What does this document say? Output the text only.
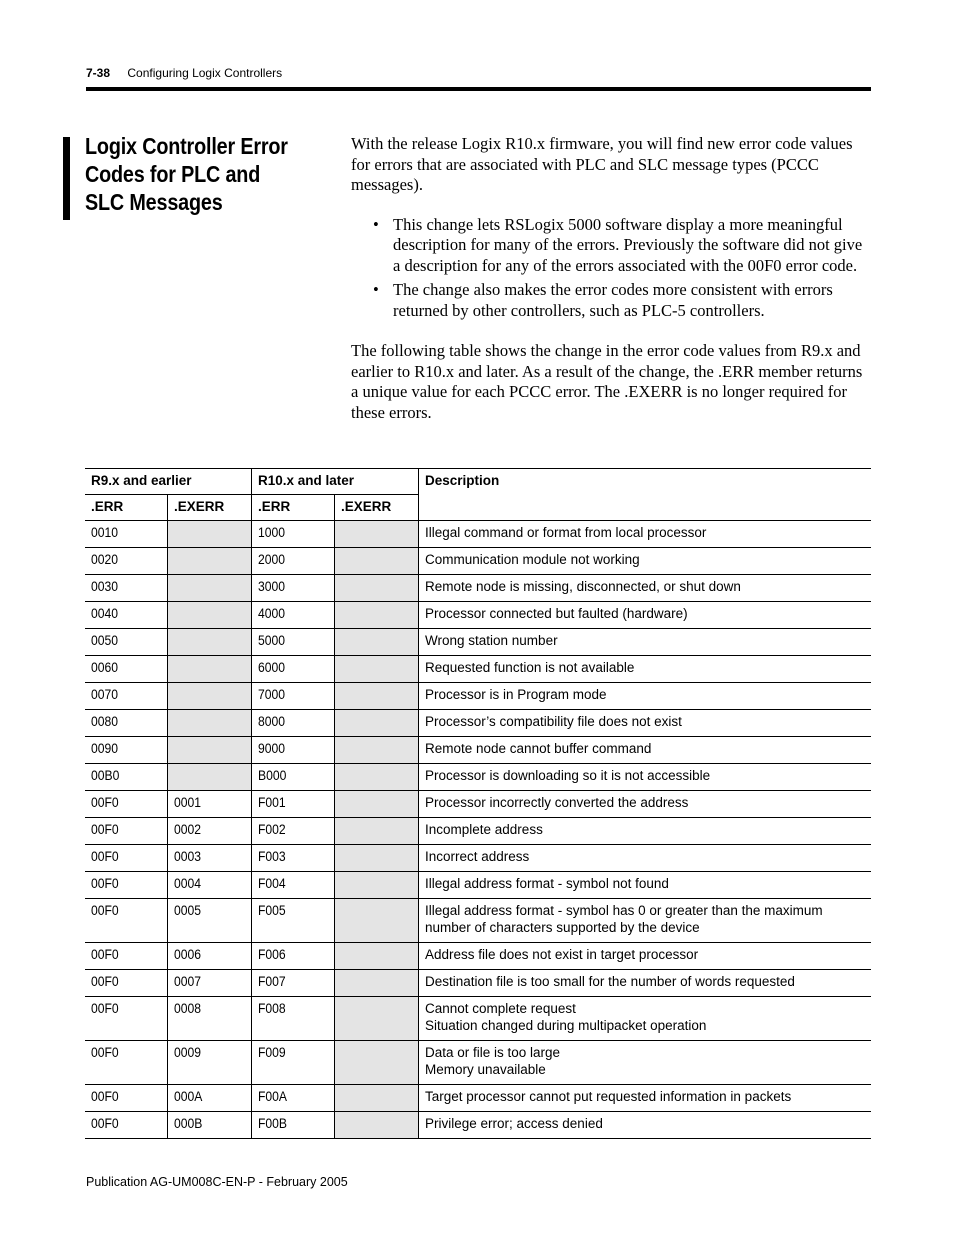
7-38 Configuring Logix Controllers
Logix Controller Error Codes for PLC and SLC Messages

With the release Logix R10.x firmware, you will find new error code values for errors that are associated with PLC and SLC message types (PCCC messages).

• This change lets RSLogix 5000 software display a more meaningful description for many of the errors. Previously the software did not give a description for any of the errors associated with the 00F0 error code.
• The change also makes the error codes more consistent with errors returned by other controllers, such as PLC-5 controllers.

The following table shows the change in the error code values from R9.x and earlier to R10.x and later. As a result of the change, the .ERR member returns a unique value for each PCCC error. The .EXERR is no longer required for these errors.

R9.x and earlier		R10.x and later		Description
.ERR	.EXERR	.ERR	.EXERR	
0010		1000		Illegal command or format from local processor

0020		2000		Communication module not working

0030		3000		Remote node is missing, disconnected, or shut down

0040		4000		Processor connected but faulted (hardware)

0050		5000		Wrong station number

0060		6000		Requested function is not available

0070		7000		Processor is in Program mode

0080		8000		Processor’s compatibility file does not exist

0090		9000		Remote node cannot buffer command

00B0		B000		Processor is downloading so it is not accessible

00F0	0001	F001		Processor incorrectly converted the address

00F0	0002	F002		Incomplete address

00F0	0003	F003		Incorrect address

00F0	0004	F004		Illegal address format - symbol not found

00F0	0005	F005		Illegal address format - symbol has 0 or greater than the maximum number of characters supported by the device

00F0	0006	F006		Address file does not exist in target processor

00F0	0007	F007		Destination file is too small for the number of words requested

00F0	0008	F008		Cannot complete request
Situation changed during multipacket operation

00F0	0009	F009		Data or file is too large
Memory unavailable

00F0	000A	F00A		Target processor cannot put requested information in packets

00F0	000B	F00B		Privilege error; access denied
Publication AG-UM008C-EN-P - February 2005
